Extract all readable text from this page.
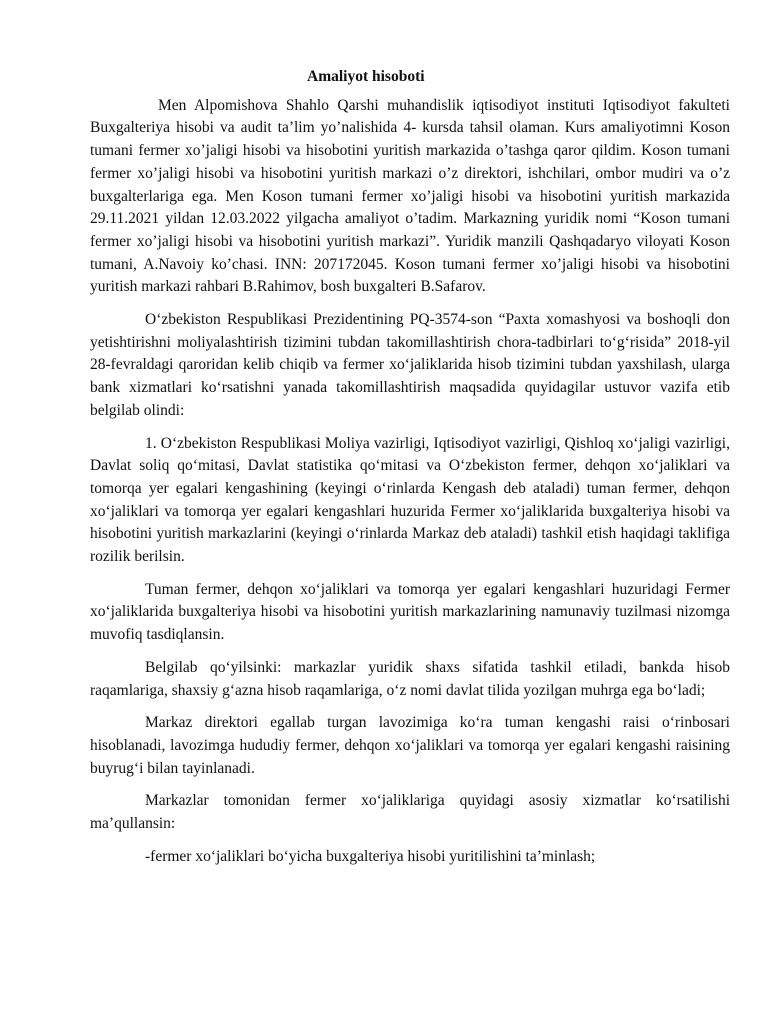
Amaliyot hisoboti

Men Alpomishova Shahlo Qarshi muhandislik iqtisodiyot instituti Iqtisodiyot fakulteti Buxgalteriya hisobi va audit ta’lim yo’nalishida 4- kursda tahsil olaman. Kurs amaliyotimni Koson tumani fermer xo’jaligi hisobi va hisobotini yuritish markazida o’tashga qaror qildim. Koson tumani fermer xo’jaligi hisobi va hisobotini yuritish markazi o’z direktori, ishchilari, ombor mudiri va o’z buxgalterlariga ega. Men Koson tumani fermer xo’jaligi hisobi va hisobotini yuritish markazida 29.11.2021 yildan 12.03.2022 yilgacha amaliyot o’tadim. Markazning yuridik nomi “Koson tumani fermer xo’jaligi hisobi va hisobotini yuritish markazi”. Yuridik manzili Qashqadaryo viloyati Koson tumani, A.Navoiy ko’chasi. INN: 207172045. Koson tumani fermer xo’jaligi hisobi va hisobotini yuritish markazi rahbari B.Rahimov, bosh buxgalteri B.Safarov.

O‘zbekiston Respublikasi Prezidentining PQ-3574-son “Paxta xomashyosi va boshoqli don yetishtirishni moliyalashtirish tizimini tubdan takomillashtirish chora-tadbirlari to‘g‘risida” 2018-yil 28-fevraldagi qaroridan kelib chiqib va fermer xo‘jaliklarida hisob tizimini tubdan yaxshilash, ularga bank xizmatlari ko‘rsatishni yanada takomillashtirish maqsadida quyidagilar ustuvor vazifa etib belgilab olindi:

1. O‘zbekiston Respublikasi Moliya vazirligi, Iqtisodiyot vazirligi, Qishloq xo‘jaligi vazirligi, Davlat soliq qo‘mitasi, Davlat statistika qo‘mitasi va O‘zbekiston fermer, dehqon xo‘jaliklari va tomorqa yer egalari kengashining (keyingi o‘rinlarda Kengash deb ataladi) tuman fermer, dehqon xo‘jaliklari va tomorqa yer egalari kengashlari huzurida Fermer xo‘jaliklarida buxgalteriya hisobi va hisobotini yuritish markazlarini (keyingi o‘rinlarda Markaz deb ataladi) tashkil etish haqidagi taklifiga rozilik berilsin.

Tuman fermer, dehqon xo‘jaliklari va tomorqa yer egalari kengashlari huzuridagi Fermer xo‘jaliklarida buxgalteriya hisobi va hisobotini yuritish markazlarining namunaviy tuzilmasi nizomga muvofiq tasdiqlansin.

Belgilab qo‘yilsinki: markazlar yuridik shaxs sifatida tashkil etiladi, bankda hisob raqamlariga, shaxsiy g‘azna hisob raqamlariga, o‘z nomi davlat tilida yozilgan muhrga ega bo‘ladi;

Markaz direktori egallab turgan lavozimiga ko‘ra tuman kengashi raisi o‘rinbosari hisoblanadi, lavozimga hududiy fermer, dehqon xo‘jaliklari va tomorqa yer egalari kengashi raisining buyrug‘i bilan tayinlanadi.

Markazlar tomonidan fermer xo‘jaliklariga quyidagi asosiy xizmatlar ko‘rsatilishi ma’qullansin:

-fermer xo‘jaliklari bo‘yicha buxgalteriya hisobi yuritilishini ta’minlash;
